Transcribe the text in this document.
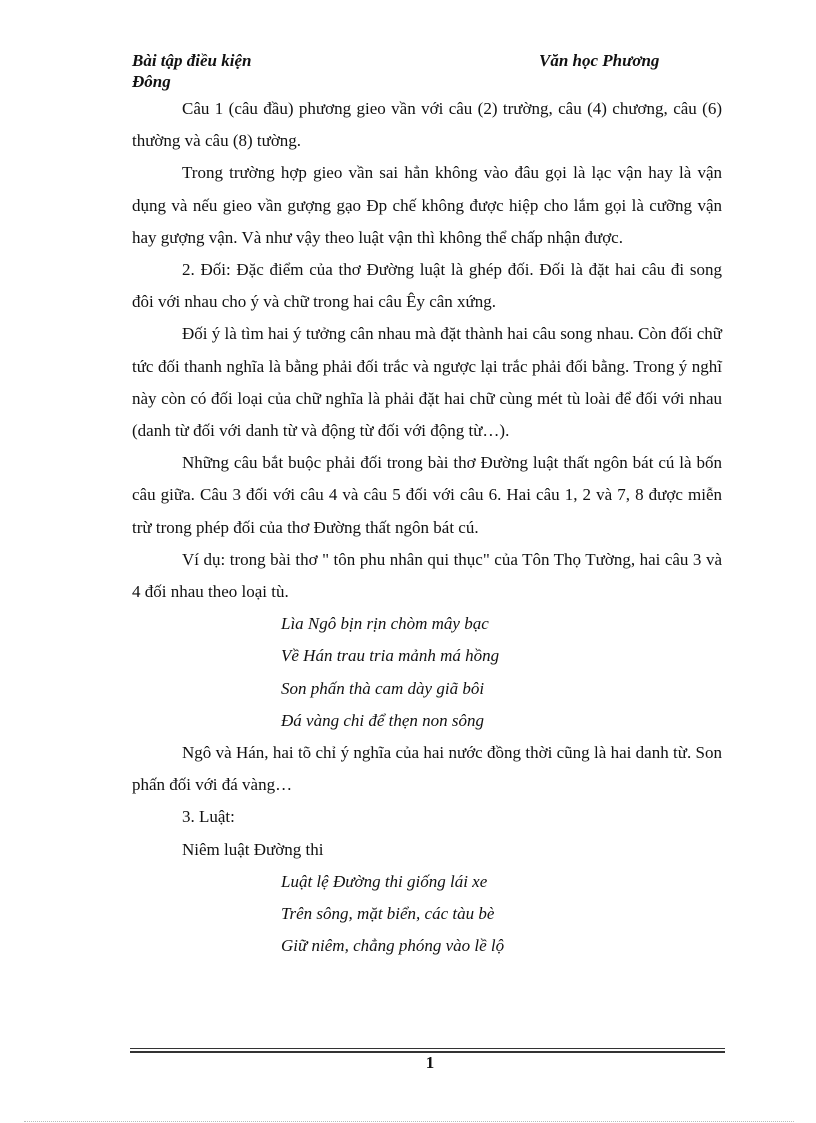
Bài tập điều kiện Đông
Văn học Phương

Câu 1 (câu đầu) phương gieo vần với câu (2) trường, câu (4) chương, câu (6) thường và câu (8) tường.

Trong trường hợp gieo vần sai hẳn không vào đâu gọi là lạc vận hay là vận dụng và nếu gieo vần gượng gạo Đp chế không được hiệp cho lắm gọi là cưỡng vận hay gượng vận. Và như vậy theo luật vận thì không thể chấp nhận được.

2. Đối: Đặc điểm của thơ Đường luật là ghép đối. Đối là đặt hai câu đi song đôi với nhau cho ý và chữ trong hai câu Êy cân xứng.

Đối ý là tìm hai ý tưởng cân nhau mà đặt thành hai câu song nhau. Còn đối chữ tức đối thanh nghĩa là bằng phải đối trắc và ngược lại trắc phải đối bằng. Trong ý nghĩ này còn có đối loại của chữ nghĩa là phải đặt hai chữ cùng mét tù loài để đối với nhau (danh từ đối với danh từ và động từ đối với động từ…).

Những câu bắt buộc phải đối trong bài thơ Đường luật thất ngôn bát cú là bốn câu giữa. Câu 3 đối với câu 4 và câu 5 đối với câu 6. Hai câu 1, 2 và 7, 8 được miễn trừ trong phép đối của thơ Đường thất ngôn bát cú.

Ví dụ: trong bài thơ " tôn phu nhân qui thục" của Tôn Thọ Tường, hai câu 3 và 4 đối nhau theo loại tù.

Lìa Ngô bịn rịn chòm mây bạc

Về Hán trau tria mảnh má hồng

Son phấn thà cam dày giã bôi

Đá vàng chi để thẹn non sông

Ngô và Hán, hai tõ chỉ ý nghĩa của hai nước đồng thời cũng là hai danh từ. Son phấn đối với đá vàng…

3. Luật:

Niêm luật Đường thi

Luật lệ Đường thi giống lái xe

Trên sông, mặt biển, các tàu bè

Giữ niêm, chẳng phóng vào lề lộ

1
